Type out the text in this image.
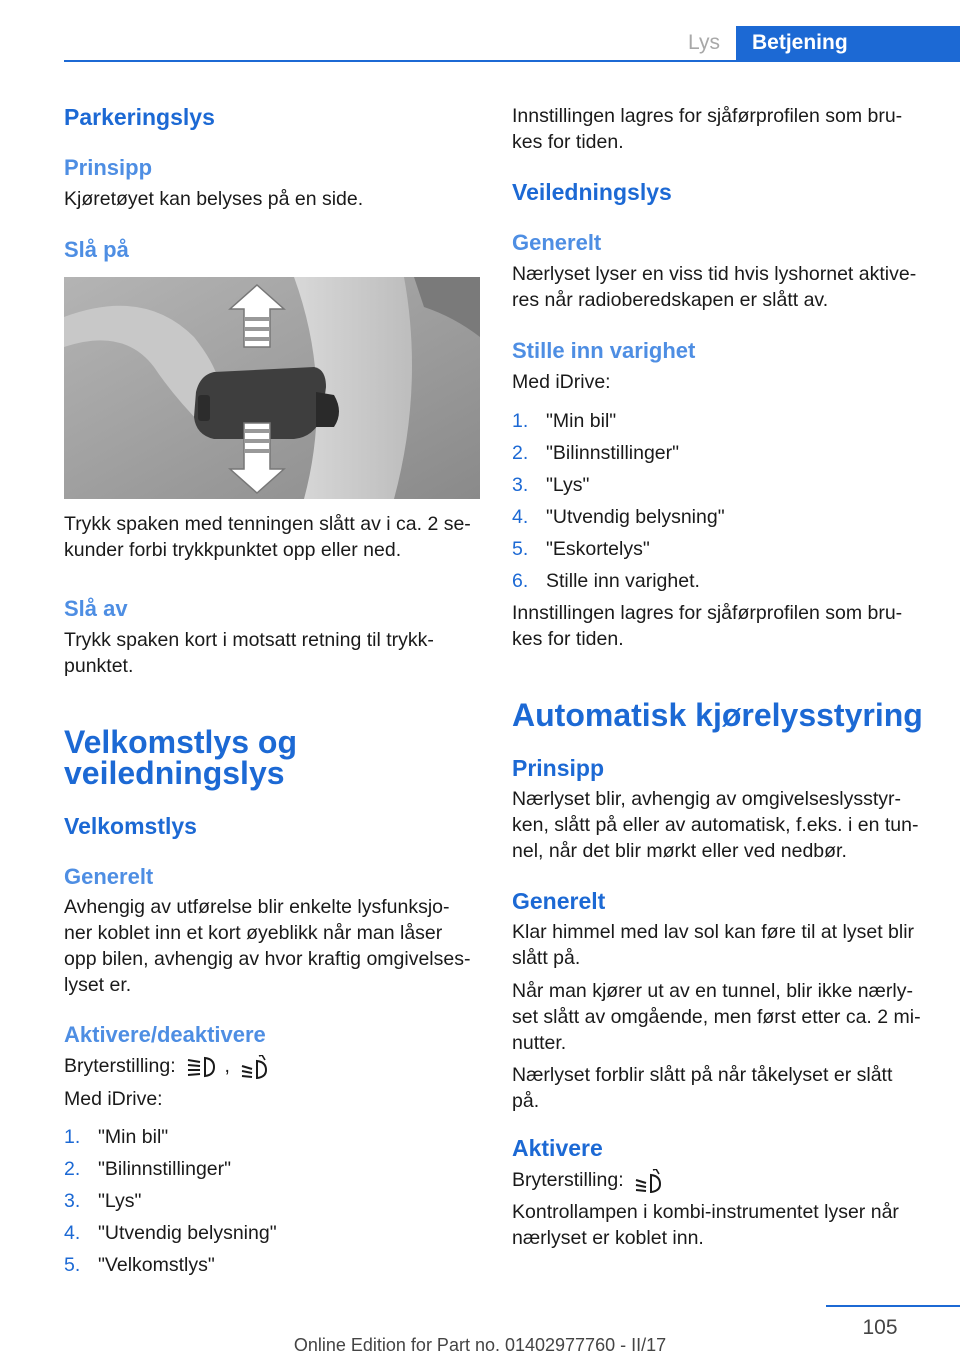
Lys	Betjening
Parkeringslys
Prinsipp
Kjøretøyet kan belyses på en side.
Slå på
Trykk spaken med tenningen slått av i ca. 2 se‐
kunder forbi trykkpunktet opp eller ned.
Slå av
Trykk spaken kort i motsatt retning til trykk‐
punktet.
Velkomstlys og
veiledningslys
Velkomstlys
Generelt
Avhengig av utførelse blir enkelte lysfunksjo‐
ner koblet inn et kort øyeblikk når man låser
opp bilen, avhengig av hvor kraftig omgivelses‐
lyset er.
Aktivere/deaktivere
Bryterstilling:	,
Med iDrive:
1. "Min bil"
2. "Bilinnstillinger"
3. "Lys"
4. "Utvendig belysning"
5. "Velkomstlys"
Innstillingen lagres for sjåførprofilen som bru‐
kes for tiden.
Veiledningslys
Generelt
Nærlyset lyser en viss tid hvis lyshornet aktive‐
res når radioberedskapen er slått av.
Stille inn varighet
Med iDrive:
1. "Min bil"
2. "Bilinnstillinger"
3. "Lys"
4. "Utvendig belysning"
5. "Eskortelys"
6. Stille inn varighet.
Innstillingen lagres for sjåførprofilen som bru‐
kes for tiden.
Automatisk kjørelysstyring
Prinsipp
Nærlyset blir, avhengig av omgivelseslysstyr‐
ken, slått på eller av automatisk, f.eks. i en tun‐
nel, når det blir mørkt eller ved nedbør.
Generelt
Klar himmel med lav sol kan føre til at lyset blir
slått på.
Når man kjører ut av en tunnel, blir ikke nærly‐
set slått av omgående, men først etter ca. 2 mi‐
nutter.
Nærlyset forblir slått på når tåkelyset er slått
på.
Aktivere
Bryterstilling:
Kontrollampen i kombi-instrumentet lyser når
nærlyset er koblet inn.
105
Online Edition for Part no. 01402977760 - II/17
